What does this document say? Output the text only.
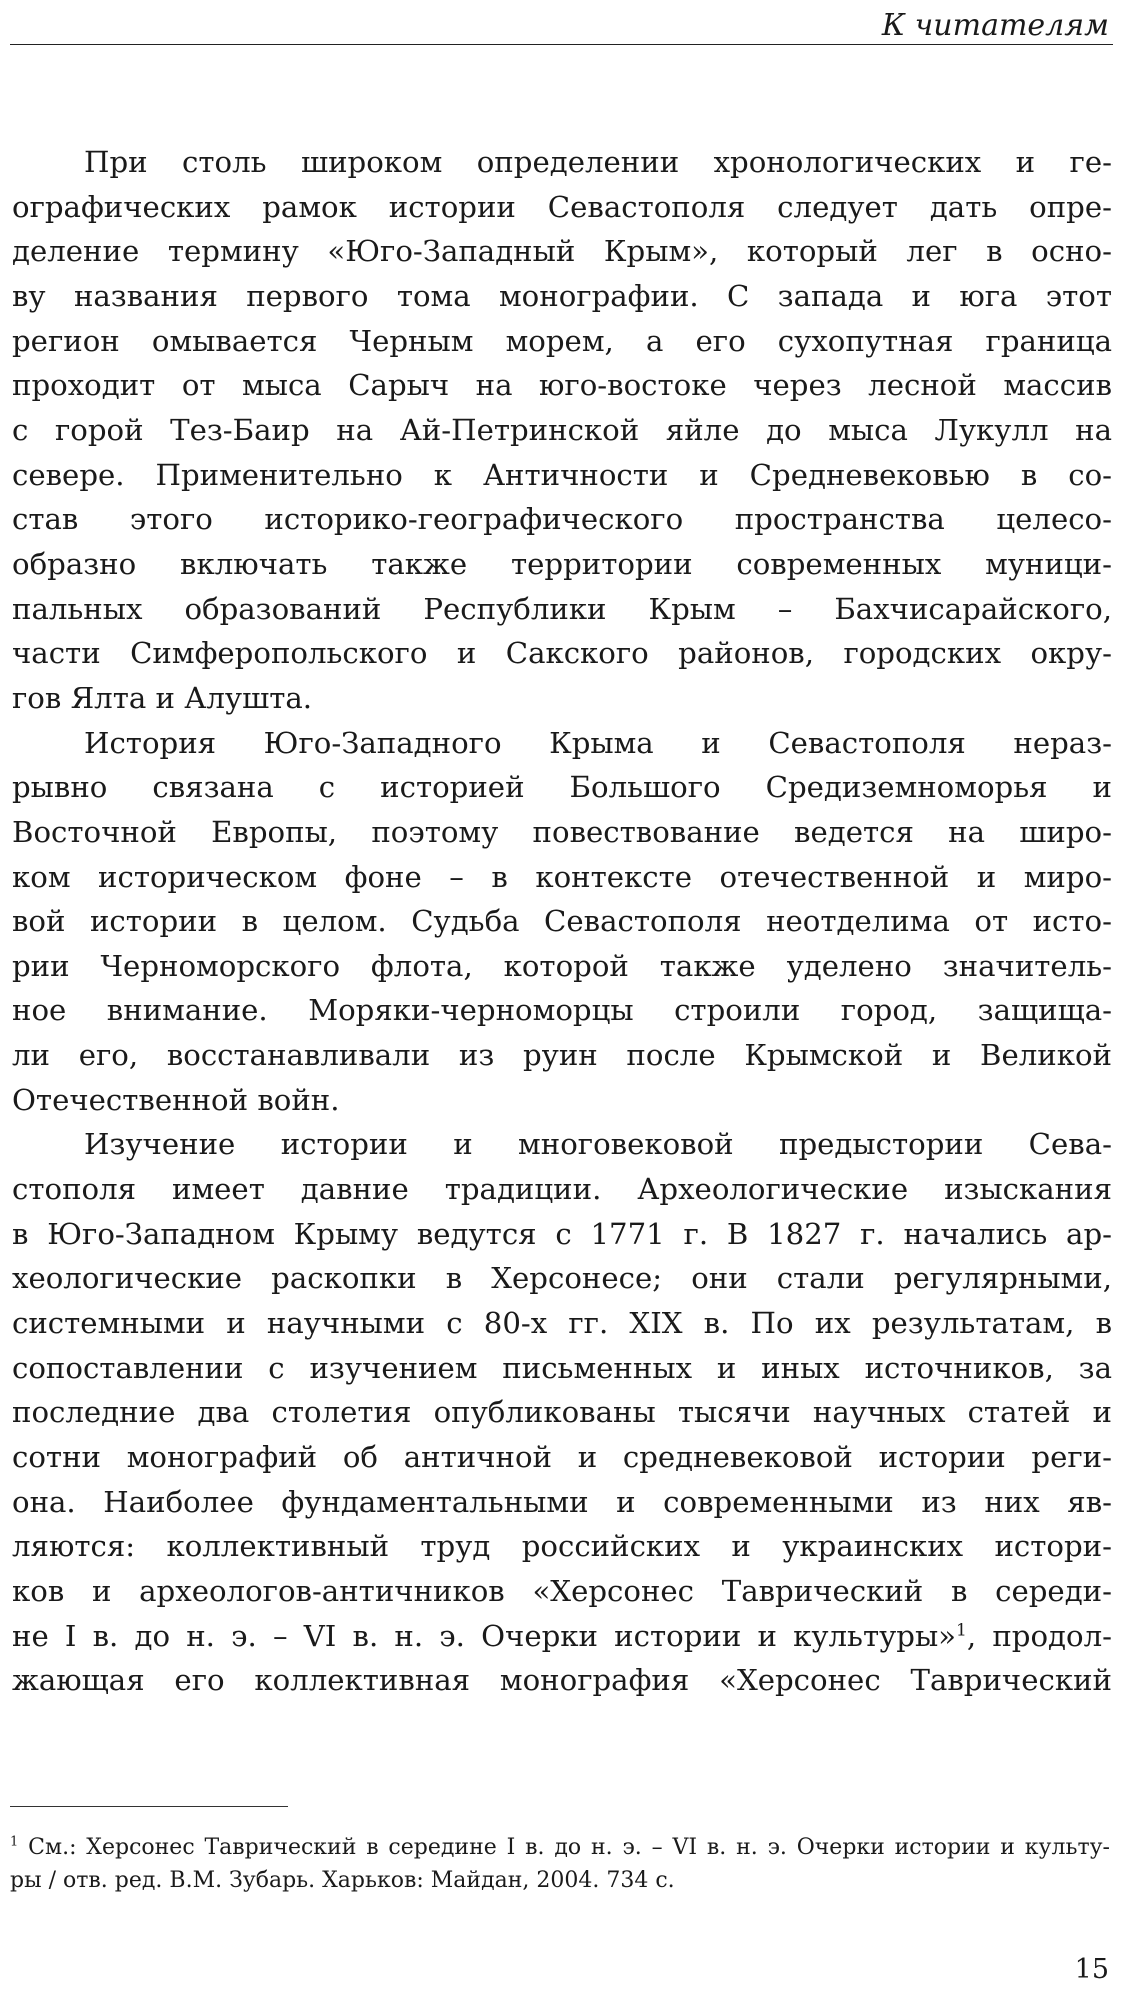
К читателям

При столь широком определении хронологических и ге-
ографических рамок истории Севастополя следует дать опре-
деление термину «Юго-Западный Крым», который лег в осно-
ву названия первого тома монографии. С запада и юга этот
регион омывается Черным морем, а его сухопутная граница
проходит от мыса Сарыч на юго-востоке через лесной массив
с горой Тез-Баир на Ай-Петринской яйле до мыса Лукулл на
севере. Применительно к Античности и Средневековью в со-
став этого историко-географического пространства целесо-
образно включать также территории современных муници-
пальных образований Республики Крым – Бахчисарайского,
части Симферопольского и Сакского районов, городских окру-
гов Ялта и Алушта.

История Юго-Западного Крыма и Севастополя нераз-
рывно связана с историей Большого Средиземноморья и
Восточной Европы, поэтому повествование ведется на широ-
ком историческом фоне – в контексте отечественной и миро-
вой истории в целом. Судьба Севастополя неотделима от исто-
рии Черноморского флота, которой также уделено значитель-
ное внимание. Моряки-черноморцы строили город, защища-
ли его, восстанавливали из руин после Крымской и Великой
Отечественной войн.

Изучение истории и многовековой предыстории Сева-
стополя имеет давние традиции. Археологические изыскания
в Юго-Западном Крыму ведутся с 1771 г. В 1827 г. начались ар-
хеологические раскопки в Херсонесе; они стали регулярными,
системными и научными с 80-х гг. XIX в. По их результатам, в
сопоставлении с изучением письменных и иных источников, за
последние два столетия опубликованы тысячи научных статей и
сотни монографий об античной и средневековой истории реги-
она. Наиболее фундаментальными и современными из них яв-
ляются: коллективный труд российских и украинских истори-
ков и археологов-античников «Херсонес Таврический в середи-
не I в. до н. э. – VI в. н. э. Очерки истории и культуры»$^1$, продол-
жающая его коллективная монография «Херсонес Таврический

$^1$ См.: Херсонес Таврический в середине I в. до н. э. – VI в. н. э. Очерки истории и культу-
ры / отв. ред. В.М. Зубарь. Харьков: Майдан, 2004. 734 с.
15
